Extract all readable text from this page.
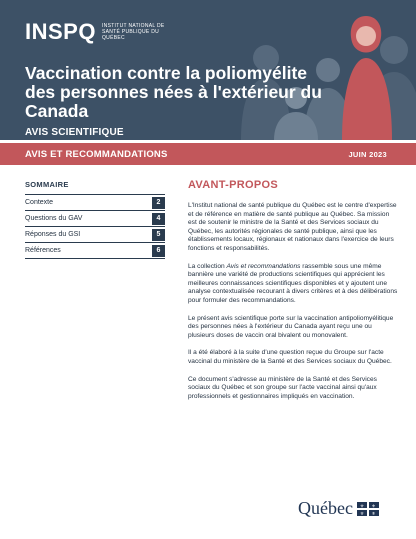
INSPQ INSTITUT NATIONAL DE SANTÉ PUBLIQUE DU QUÉBEC
Vaccination contre la poliomyélite des personnes nées à l'extérieur du Canada
AVIS SCIENTIFIQUE
AVIS ET RECOMMANDATIONS	JUIN 2023
SOMMAIRE
Contexte	2
Questions du GAV	4
Réponses du GSI	5
Références	6
AVANT-PROPOS

L'Institut national de santé publique du Québec est le centre d'expertise et de référence en matière de santé publique au Québec. Sa mission est de soutenir le ministre de la Santé et des Services sociaux du Québec, les autorités régionales de santé publique, ainsi que les établissements locaux, régionaux et nationaux dans l'exercice de leurs fonctions et responsabilités.

La collection Avis et recommandations rassemble sous une même bannière une variété de productions scientifiques qui apprécient les meilleures connaissances scientifiques disponibles et y ajoutent une analyse contextualisée recourant à divers critères et à des délibérations pour formuler des recommandations.

Le présent avis scientifique porte sur la vaccination antipoliomyélitique des personnes nées à l'extérieur du Canada ayant reçu une ou plusieurs doses de vaccin oral bivalent ou monovalent.

Il a été élaboré à la suite d'une question reçue du Groupe sur l'acte vaccinal du ministère de la Santé et des Services sociaux du Québec.

Ce document s'adresse au ministère de la Santé et des Services sociaux du Québec et son groupe sur l'acte vaccinal ainsi qu'aux professionnels et gestionnaires impliqués en vaccination.

Québec ⚜ ⚜
⚜ ⚜
